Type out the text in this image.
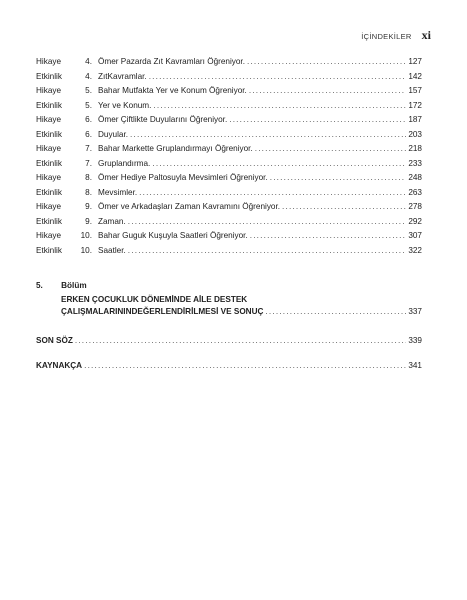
İÇİNDEKİLER xi
Hikaye	4. Ömer Pazarda Zıt Kavramları Öğreniyor. .....	127
Etkinlik	4. ZıtKavramlar. .....	142
Hikaye	5. Bahar Mutfakta Yer ve Konum Öğreniyor. .....	157
Etkinlik	5. Yer ve Konum. .....	172
Hikaye	6. Ömer Çiftlikte Duyularını Öğreniyor. .....	187
Etkinlik	6. Duyular. .....	203
Hikaye	7. Bahar Markette Gruplandırmayı Öğreniyor. .....	218
Etkinlik	7. Gruplandırma. .....	233
Hikaye	8. Ömer Hediye Paltosuyla Mevsimleri Öğreniyor. .....	248
Etkinlik	8. Mevsimler. .....	263
Hikaye	9. Ömer ve Arkadaşları Zaman Kavramını Öğreniyor. .....	278
Etkinlik	9. Zaman. .....	292
Hikaye	10. Bahar Guguk Kuşuyla Saatleri Öğreniyor. .....	307
Etkinlik	10. Saatler. .....	322
5. Bölüm
ERKEN ÇOCUKLUK DÖNEMİNDE AİLE DESTEK
ÇALIŞMALARININDEĞERLENDİRİLMESİ VE SONUÇ .....	337
SON SÖZ .....	339
KAYNAKÇA .....	341
